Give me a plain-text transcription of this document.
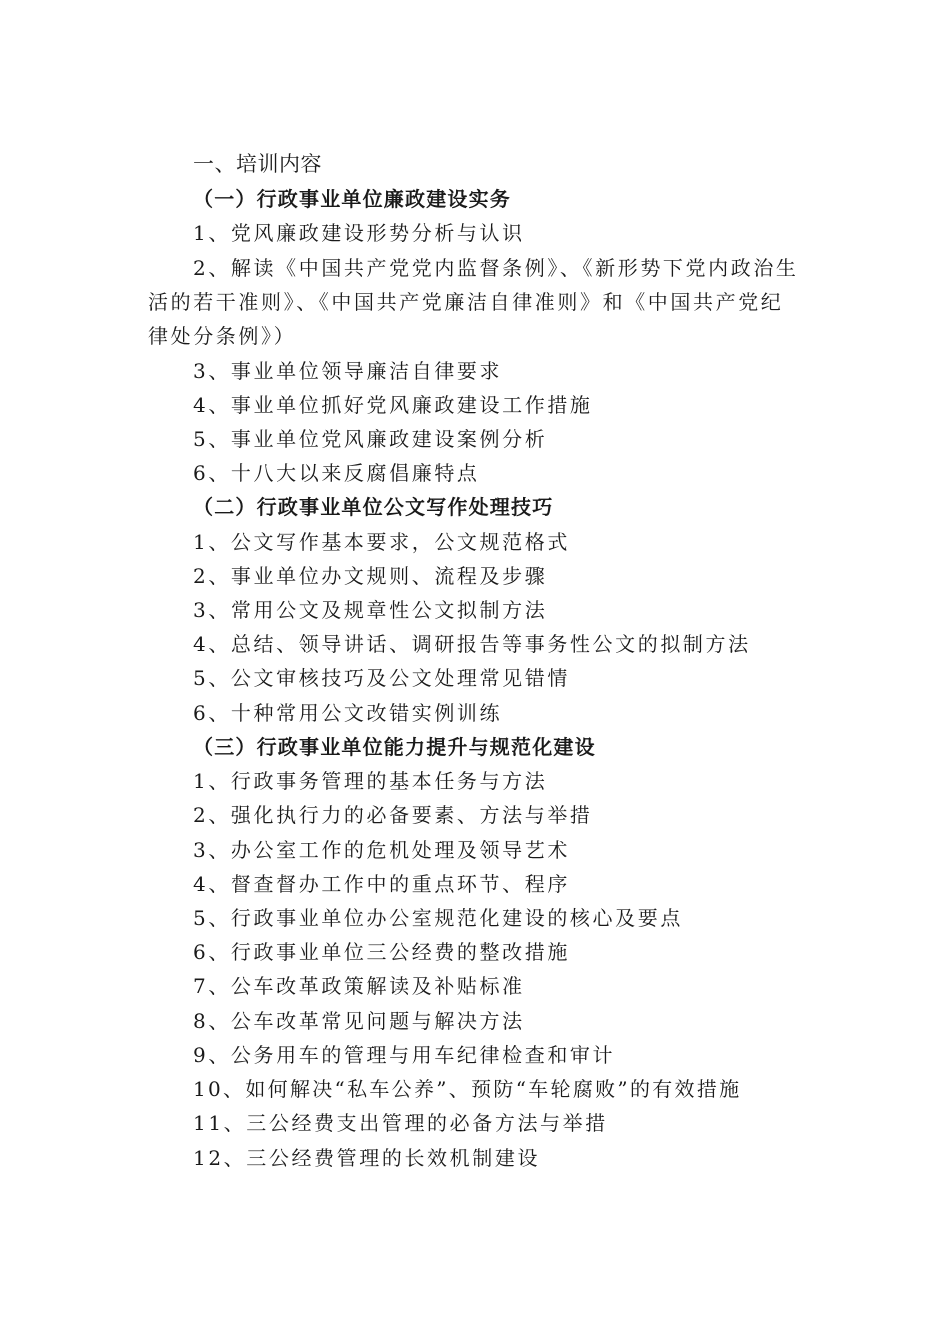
一、培训内容
（一）行政事业单位廉政建设实务
1、党风廉政建设形势分析与认识
2、解读《中国共产党党内监督条例》、《新形势下党内政治生
活的若干准则》、《中国共产党廉洁自律准则》和《中国共产党纪
律处分条例》）
3、事业单位领导廉洁自律要求
4、事业单位抓好党风廉政建设工作措施
5、事业单位党风廉政建设案例分析
6、十八大以来反腐倡廉特点
（二）行政事业单位公文写作处理技巧
1、公文写作基本要求，公文规范格式
2、事业单位办文规则、流程及步骤
3、常用公文及规章性公文拟制方法
4、总结、领导讲话、调研报告等事务性公文的拟制方法
5、公文审核技巧及公文处理常见错情
6、十种常用公文改错实例训练
（三）行政事业单位能力提升与规范化建设
1、行政事务管理的基本任务与方法
2、强化执行力的必备要素、方法与举措
3、办公室工作的危机处理及领导艺术
4、督查督办工作中的重点环节、程序
5、行政事业单位办公室规范化建设的核心及要点
6、行政事业单位三公经费的整改措施
7、公车改革政策解读及补贴标准
8、公车改革常见问题与解决方法
9、公务用车的管理与用车纪律检查和审计
10、如何解决“私车公养”、预防“车轮腐败”的有效措施
11、三公经费支出管理的必备方法与举措
12、三公经费管理的长效机制建设
